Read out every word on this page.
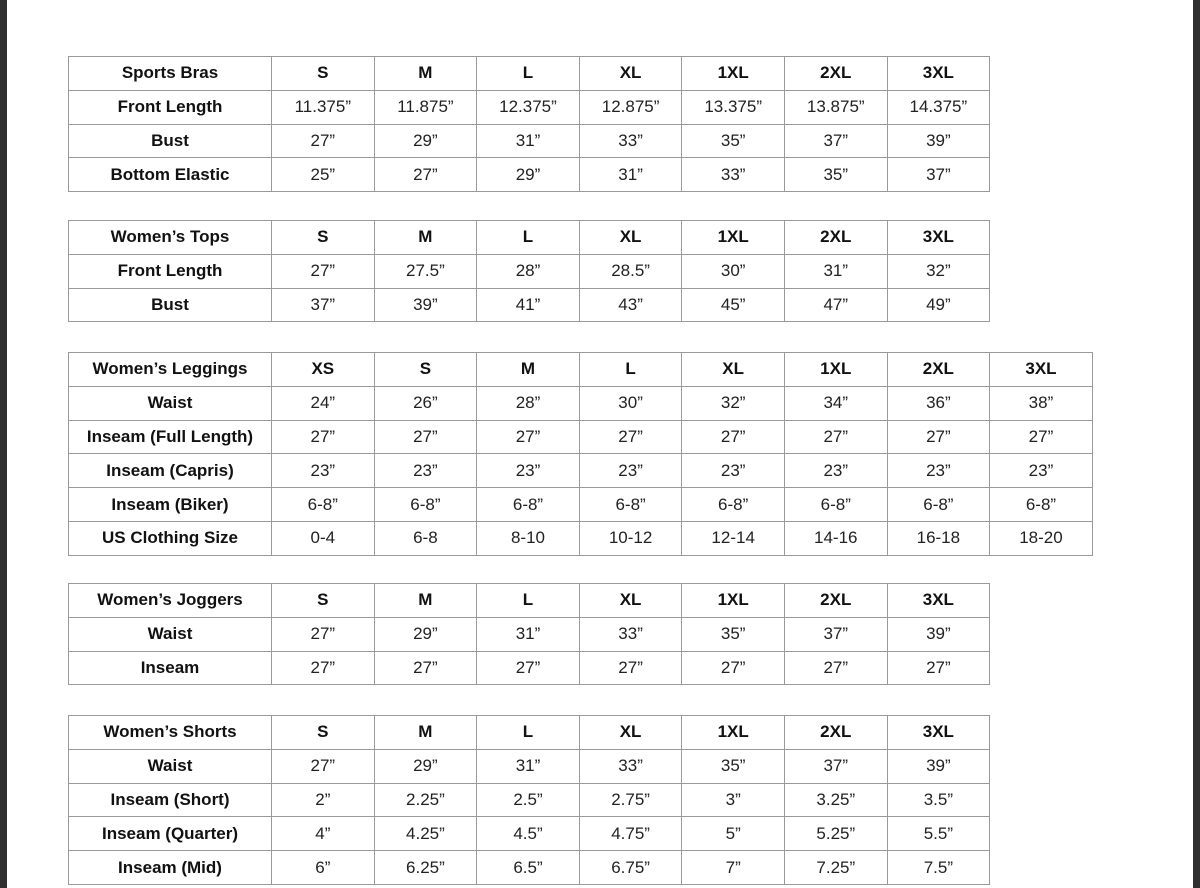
Sports Bras	S	M	L	XL	1XL	2XL	3XL
Front Length	11.375”	11.875”	12.375”	12.875”	13.375”	13.875”	14.375”
Bust	27”	29”	31”	33”	35”	37”	39”
Bottom Elastic	25”	27”	29”	31”	33”	35”	37”
Women’s Tops	S	M	L	XL	1XL	2XL	3XL
Front Length	27”	27.5”	28”	28.5”	30”	31”	32”
Bust	37”	39”	41”	43”	45”	47”	49”
Women’s Leggings	XS	S	M	L	XL	1XL	2XL	3XL
Waist	24”	26”	28”	30”	32”	34”	36”	38”
Inseam (Full Length)	27”	27”	27”	27”	27”	27”	27”	27”
Inseam (Capris)	23”	23”	23”	23”	23”	23”	23”	23”
Inseam (Biker)	6-8”	6-8”	6-8”	6-8”	6-8”	6-8”	6-8”	6-8”
US Clothing Size	0-4	6-8	8-10	10-12	12-14	14-16	16-18	18-20
Women’s Joggers	S	M	L	XL	1XL	2XL	3XL
Waist	27”	29”	31”	33”	35”	37”	39”
Inseam	27”	27”	27”	27”	27”	27”	27”
Women’s Shorts	S	M	L	XL	1XL	2XL	3XL
Waist	27”	29”	31”	33”	35”	37”	39”
Inseam (Short)	2”	2.25”	2.5”	2.75”	3”	3.25”	3.5”
Inseam (Quarter)	4”	4.25”	4.5”	4.75”	5”	5.25”	5.5”
Inseam (Mid)	6”	6.25”	6.5”	6.75”	7”	7.25”	7.5”
